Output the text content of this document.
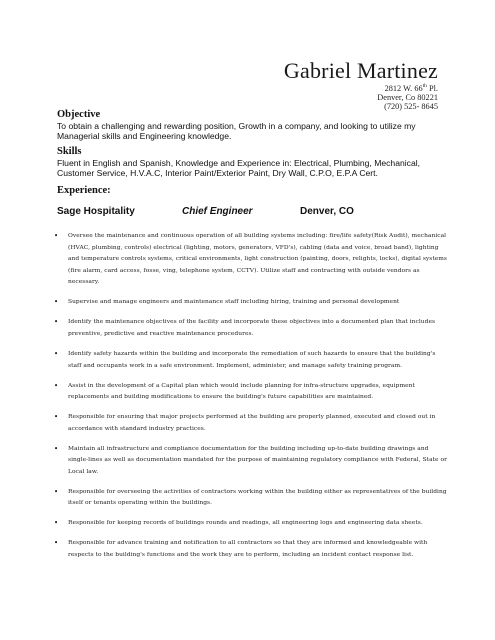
Gabriel Martinez
2812 W. 66th Pl.
Denver, Co 80221
(720) 525- 8645
Objective
To obtain a challenging and rewarding position, Growth in a company, and looking to utilize my Managerial skills and Engineering knowledge.
Skills
Fluent in English and Spanish, Knowledge and Experience in: Electrical, Plumbing, Mechanical, Customer Service, H.V.A.C, Interior Paint/Exterior Paint, Dry Wall, C.P.O, E.P.A Cert.
Experience:
Sage Hospitality	Chief Engineer	Denver, CO
• Oversee the maintenance and continuous operation of all building systems including: fire/life safety(Risk Audit), mechanical (HVAC, plumbing, controls) electrical (lighting, motors, generators, VFD's), cabling (data and voice, broad band), lighting and temperature controls systems, critical environments, light construction (painting, doors, relights, locks), digital systems (fire alarm, card access, fosse, ving, telephone system, CCTV). Utilize staff and contracting with outside vendors as necessary.
• Supervise and manage engineers and maintenance staff including hiring, training and personal development
• Identify the maintenance objectives of the facility and incorporate these objectives into a documented plan that includes preventive, predictive and reactive maintenance procedures.
• Identify safety hazards within the building and incorporate the remediation of such hazards to ensure that the building's staff and occupants work in a safe environment. Implement, administer, and manage safety training program.
• Assist in the development of a Capital plan which would include planning for infra-structure upgrades, equipment replacements and building modifications to ensure the building's future capabilities are maintained.
• Responsible for ensuring that major projects performed at the building are properly planned, executed and closed out in accordance with standard industry practices.
• Maintain all infrastructure and compliance documentation for the building including up-to-date building drawings and single-lines as well as documentation mandated for the purpose of maintaining regulatory compliance with Federal, State or Local law.
• Responsible for overseeing the activities of contractors working within the building either as representatives of the building itself or tenants operating within the buildings.
• Responsible for keeping records of buildings rounds and readings, all engineering logs and engineering data sheets.
• Responsible for advance training and notification to all contractors so that they are informed and knowledgeable with respects to the building's functions and the work they are to perform, including an incident contact response list.
